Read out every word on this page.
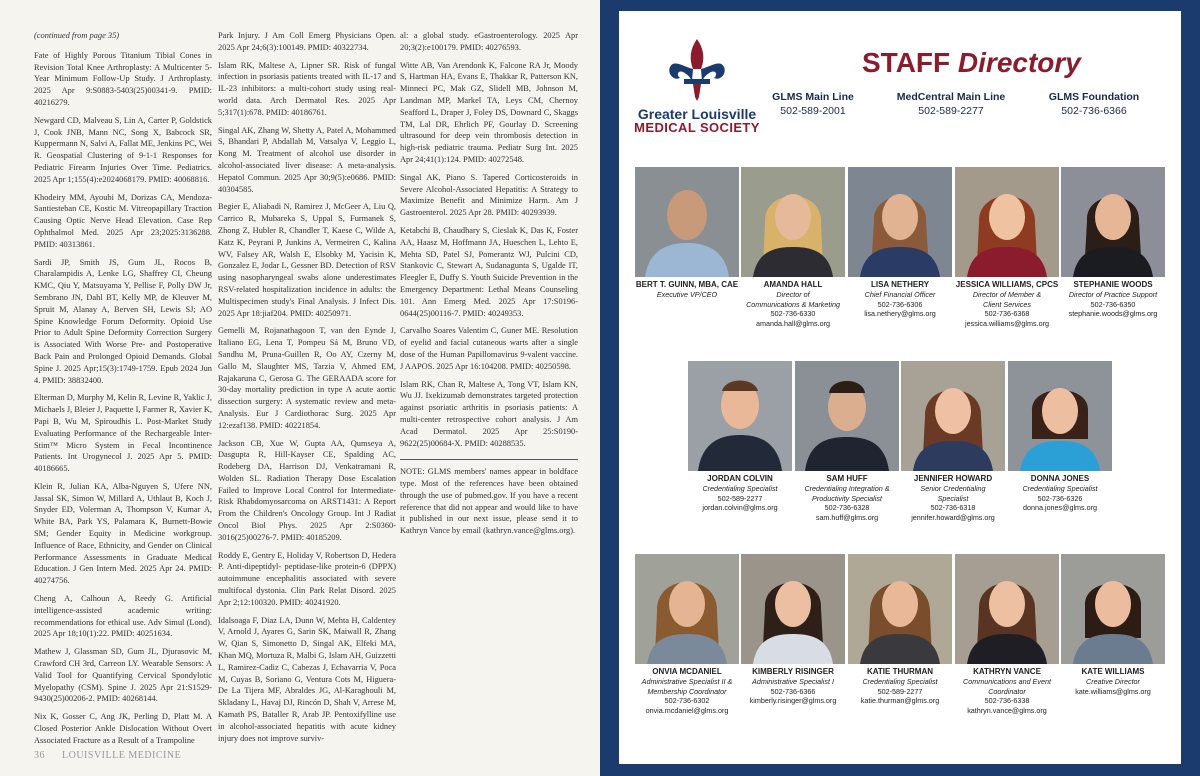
(continued from page 35)

Fate of Highly Porous Titanium Tibial Cones in Revision Total Knee Arthroplasty: A Multicenter 5-Year Minimum Follow-Up Study. J Arthroplasty. 2025 Apr 9:S0883-5403(25)00341-9. PMID: 40216279.

Newgard CD, Malveau S, Lin A, Carter P, Goldstick J, Cook JNB, Mann NC, Song X, Babcock SR, Kuppermann N, Salvi A, Fallat ME, Jenkins PC, Wei R. Geospatial Clustering of 9-1-1 Responses for Pediatric Firearm Injuries Over Time. Pediatrics. 2025 Apr 1;155(4):e2024068179. PMID: 40068816.

Khodeiry MM, Ayoubi M, Dorizas CA, Mendoza-Santiesteban CE, Kostic M. Vitreopapillary Traction Causing Optic Nerve Head Elevation. Case Rep Ophthalmol Med. 2025 Apr 23;2025:3136288. PMID: 40313861.

Sardi JP, Smith JS, Gum JL, Rocos B, Charalampidis A, Lenke LG, Shaffrey CI, Cheung KMC, Qiu Y, Matsuyama Y, Pellise F, Polly DW Jr, Sembrano JN, Dahl BT, Kelly MP, de Kleuver M, Spruit M, Alanay A, Berven SH, Lewis SJ; AO Spine Knowledge Forum Deformity. Opioid Use Prior to Adult Spine Deformity Correction Surgery is Associated With Worse Pre- and Postoperative Back Pain and Prolonged Opioid Demands. Global Spine J. 2025 Apr;15(3):1749-1759. Epub 2024 Jun 4. PMID: 38832400.

Elterman D, Murphy M, Kelin R, Levine R, Yaklic J, Michaels J, Bleier J, Paquette I, Farmer R, Xavier K, Papi B, Wu M, Spiroudhis L. Post-Market Study Evaluating Performance of the Rechargeable Inter-Stim™ Micro System in Fecal Incontinence Patients. Int Urogynecol J. 2025 Apr 5. PMID: 40186665.

Klein R, Julian KA, Alba-Nguyen S, Ufere NN, Jassal SK, Simon W, Millard A, Uthlaut B, Koch J, Snyder ED, Volerman A, Thompson V, Kumar A, White BA, Park YS, Palamara K, Burnett-Bowie SM; Gender Equity in Medicine workgroup. Influence of Race, Ethnicity, and Gender on Clinical Performance Assessments in Graduate Medical Education. J Gen Intern Med. 2025 Apr 24. PMID: 40274756.

Cheng A, Calhoun A, Reedy G. Artificial intelligence-assisted academic writing: recommendations for ethical use. Adv Simul (Lond). 2025 Apr 18;10(1):22. PMID: 40251634.

Mathew J, Glassman SD, Gum JL, Djurasovic M, Crawford CH 3rd, Carreon LY. Wearable Sensors: A Valid Tool for Quantifying Cervical Spondylotic Myelopathy (CSM). Spine J. 2025 Apr 21:S1529-9430(25)00206-2. PMID: 40268144.

Nix K, Gosser C, Ang JK, Perling D, Platt M. A Closed Posterior Ankle Dislocation Without Overt Associated Fracture as a Result of a Trampoline

Park Injury. J Am Coll Emerg Physicians Open. 2025 Apr 24;6(3):100149. PMID: 40322734.

Islam RK, Maltese A, Lipner SR. Risk of fungal infection in psoriasis patients treated with IL-17 and IL-23 inhibitors: a multi-cohort study using real-world data. Arch Dermatol Res. 2025 Apr 5;317(1):678. PMID: 40186761.

Singal AK, Zhang W, Shetty A, Patel A, Mohammed S, Bhandari P, Abdallah M, Vatsalya V, Leggio L, Kong M. Treatment of alcohol use disorder in alcohol-associated liver disease: A meta-analysis. Hepatol Commun. 2025 Apr 30;9(5):e0686. PMID: 40304585.

Begier E, Aliabadi N, Ramirez J, McGeer A, Liu Q, Carrico R, Mubareka S, Uppal S, Furmanek S, Zhong Z, Hubler R, Chandler T, Kaese C, Wilde A, Katz K, Peyrani P, Junkins A, Vermeiren C, Kalina WV, Falsey AR, Walsh E, Elsobky M, Yacisin K, Gonzalez E, Jodar L, Gessner BD. Detection of RSV using nasopharyngeal swabs alone underestimates RSV-related hospitalization incidence in adults: the Multispecimen study's Final Analysis. J Infect Dis. 2025 Apr 18:jiaf204. PMID: 40250971.

Gemelli M, Rojanathagoon T, van den Eynde J, Italiano EG, Lena T, Pompeu Sá M, Bruno VD, Sandhu M, Pruna-Guillen R, Oo AY, Czerny M, Gallo M, Slaughter MS, Tarzia V, Ahmed EM, Rajakaruna C, Gerosa G. The GERAADA score for 30-day mortality prediction in type A acute aortic dissection surgery: A systematic review and meta-Analysis. Eur J Cardiothorac Surg. 2025 Apr 12:ezaf138. PMID: 40221854.

Jackson CB, Xue W, Gupta AA, Qumseya A, Dasgupta R, Hill-Kayser CE, Spalding AC, Rodeberg DA, Harrison DJ, Venkatramani R, Wolden SL. Radiation Therapy Dose Escalation Failed to Improve Local Control for Intermediate-Risk Rhabdomyosarcoma on ARST1431: A Report From the Children's Oncology Group. Int J Radiat Oncol Biol Phys. 2025 Apr 2:S0360-3016(25)00276-7. PMID: 40185209.

Roddy E, Gentry E, Holiday V, Robertson D, Hedera P. Anti-dipeptidyl- peptidase-like protein-6 (DPPX) autoimmune encephalitis associated with severe multifocal dystonia. Clin Park Relat Disord. 2025 Apr 2;12:100320. PMID: 40241920.

Idalsoaga F, Diaz LA, Dunn W, Mehta H, Caldentey V, Arnold J, Ayares G, Sarin SK, Maiwall R, Zhang W, Qian S, Simonetto D, Singal AK, Elfeki MA, Khan MQ, Mortuza R, Malbi G, Islam AH, Guizzetti L, Ramirez-Cadiz C, Cabezas J, Echavarria V, Poca M, Cuyas B, Soriano G, Ventura Cots M, Higuera-De La Tijera MF, Abraldes JG, Al-Karaghouli M, Skladany L, Havaj DJ, Rincón D, Shah V, Arrese M, Kamath PS, Bataller R, Arab JP. Pentoxifylline use in alcohol-associated hepatitis with acute kidney injury does not improve surviv-

al: a global study. eGastroenterology. 2025 Apr 20;3(2):e100179. PMID: 40276593.

Witte AB, Van Arendonk K, Falcone RA Jr, Moody S, Hartman HA, Evans E, Thakkar R, Patterson KN, Minneci PC, Mak GZ, Slidell MB, Johnson M, Landman MP, Markel TA, Leys CM, Chernoy Seafford L, Draper J, Foley DS, Downard C, Skaggs TM, Lal DR, Ehrlich PF, Gourlay D. Screening ultrasound for deep vein thrombosis detection in high-risk pediatric trauma. Pediatr Surg Int. 2025 Apr 24;41(1):124. PMID: 40272548.

Singal AK, Piano S. Tapered Corticosteroids in Severe Alcohol-Associated Hepatitis: A Strategy to Maximize Benefit and Minimize Harm. Am J Gastroenterol. 2025 Apr 28. PMID: 40293939.

Ketabchi B, Chaudhary S, Cieslak K, Das K, Foster AA, Haasz M, Hoffmann JA, Hueschen L, Lehto E, Mehta SD, Patel SJ, Pomerantz WJ, Pulcini CD, Stankovic C, Stewart A, Sudanagunta S, Ugalde IT, Fleegler E, Duffy S. Youth Suicide Prevention in the Emergency Department: Lethal Means Counseling 101. Ann Emerg Med. 2025 Apr 17:S0196-0644(25)00116-7. PMID: 40249353.

Carvalho Soares Valentim C, Guner ME. Resolution of eyelid and facial cutaneous warts after a single dose of the Human Papillomavirus 9-valent vaccine. J AAPOS. 2025 Apr 16:104208. PMID: 40250598.

Islam RK, Chan R, Maltese A, Tong VT, Islam KN, Wu JJ. Ixekizumab demonstrates targeted protection against psoriatic arthritis in psoriasis patients: A multi-center retrospective cohort analysis. J Am Acad Dermatol. 2025 Apr 25:S0190-9622(25)00684-X. PMID: 40288535.

NOTE: GLMS members' names appear in boldface type. Most of the references have been obtained through the use of pubmed.gov. If you have a recent reference that did not appear and would like to have it published in our next issue, please send it to Kathryn Vance by email (kathryn.vance@glms.org).

36 LOUISVILLE MEDICINE
Greater Louisville
MEDICAL SOCIETY
STAFF Directory
GLMS Main Line
502-589-2001
MedCentral Main Line
502-589-2277
GLMS Foundation
502-736-6366
BERT T. GUINN, MBA, CAE
Executive VP/CEO
AMANDA HALL
Director of
Communications & Marketing
502-736-6330
amanda.hall@glms.org
LISA NETHERY
Chief Financial Officer
502-736-6306
lisa.nethery@glms.org
JESSICA WILLIAMS, CPCS
Director of Member &
Client Services
502-736-6368
jessica.williams@glms.org
STEPHANIE WOODS
Director of Practice Support
502-736-6350
stephanie.woods@glms.org
JORDAN COLVIN
Credentialing Specialist
502-589-2277
jordan.colvin@glms.org
SAM HUFF
Credentialing Integration &
Productivity Specialist
502-736-6328
sam.huff@glms.org
JENNIFER HOWARD
Senior Credentialing
Specialist
502-736-6318
jennifer.howard@glms.org
DONNA JONES
Credentialing Specialist
502-736-6326
donna.jones@glms.org
ONVIA MCDANIEL
Administrative Specialist II &
Membership Coordinator
502-736-6302
onvia.mcdaniel@glms.org
KIMBERLY RISINGER
Administrative Specialist I
502-736-6366
kimberly.risinger@glms.org
KATIE THURMAN
Credentialing Specialist
502-589-2277
katie.thurman@glms.org
KATHRYN VANCE
Communications and Event
Coordinator
502-736-6338
kathryn.vance@glms.org
KATE WILLIAMS
Creative Director
kate.williams@glms.org
